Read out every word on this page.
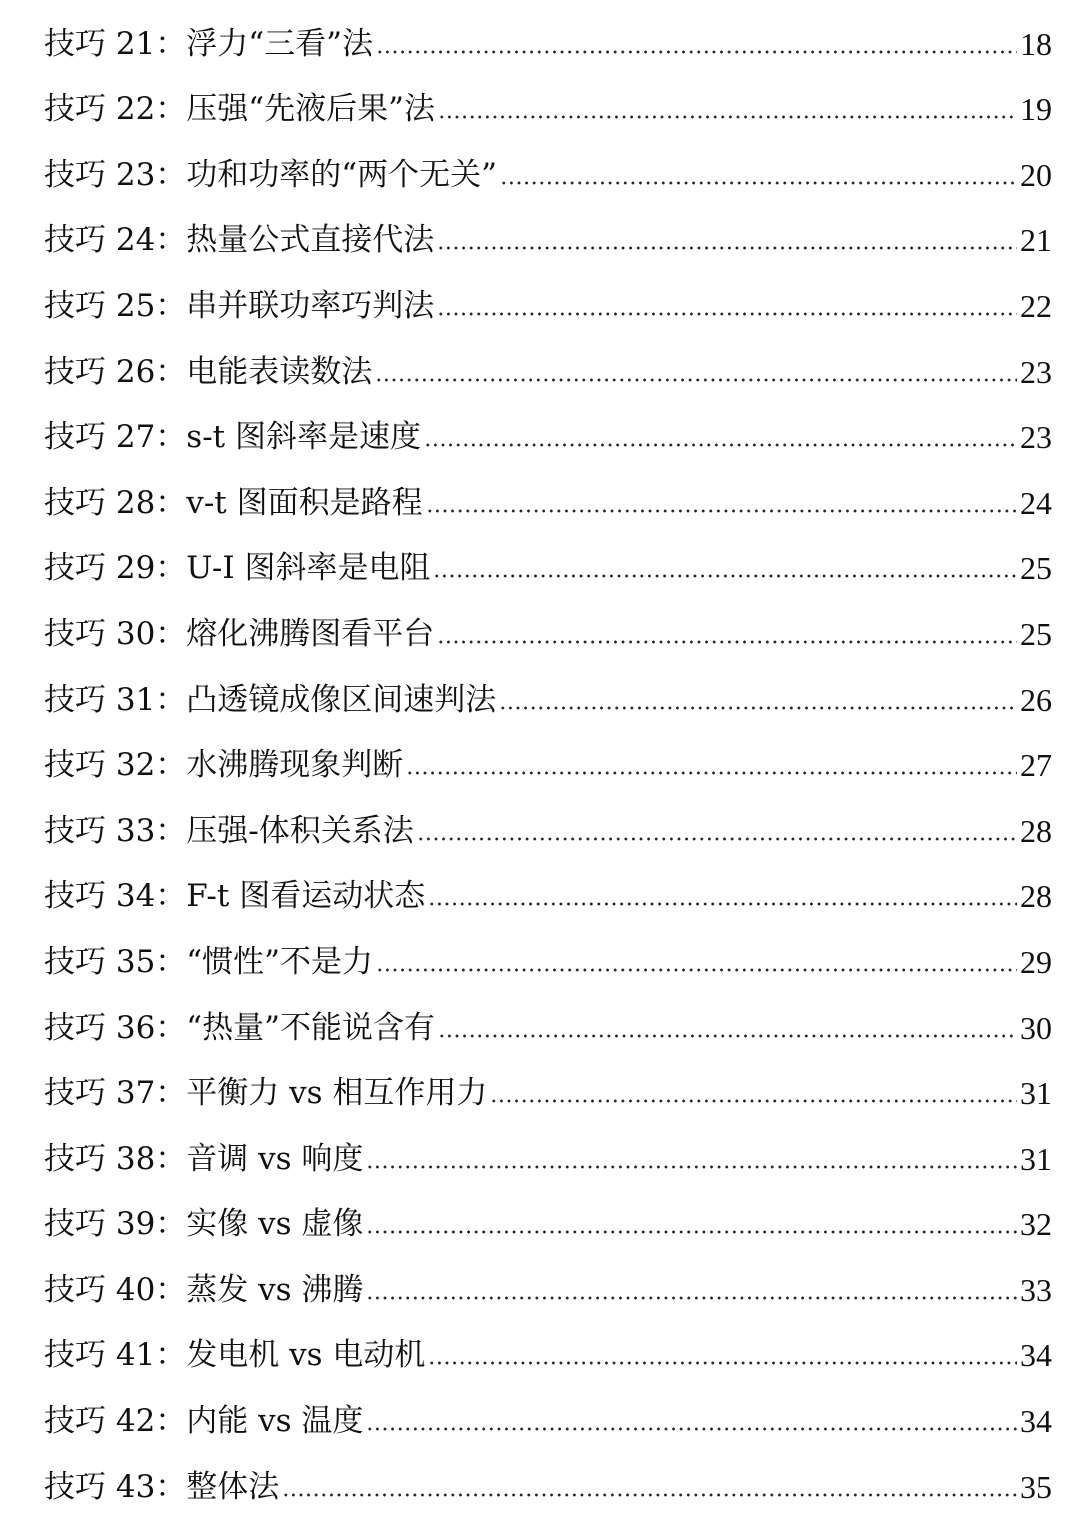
技巧 21：浮力“三看”法	18
技巧 22：压强“先液后果”法	19
技巧 23：功和功率的“两个无关”	20
技巧 24：热量公式直接代法	21
技巧 25：串并联功率巧判法	22
技巧 26：电能表读数法	23
技巧 27：s-t 图斜率是速度	23
技巧 28：v-t 图面积是路程	24
技巧 29：U-I 图斜率是电阻	25
技巧 30：熔化沸腾图看平台	25
技巧 31：凸透镜成像区间速判法	26
技巧 32：水沸腾现象判断	27
技巧 33：压强-体积关系法	28
技巧 34：F-t 图看运动状态	28
技巧 35：“惯性”不是力	29
技巧 36：“热量”不能说含有	30
技巧 37：平衡力 vs 相互作用力	31
技巧 38：音调 vs 响度	31
技巧 39：实像 vs 虚像	32
技巧 40：蒸发 vs 沸腾	33
技巧 41：发电机 vs 电动机	34
技巧 42：内能 vs 温度	34
技巧 43：整体法	35
